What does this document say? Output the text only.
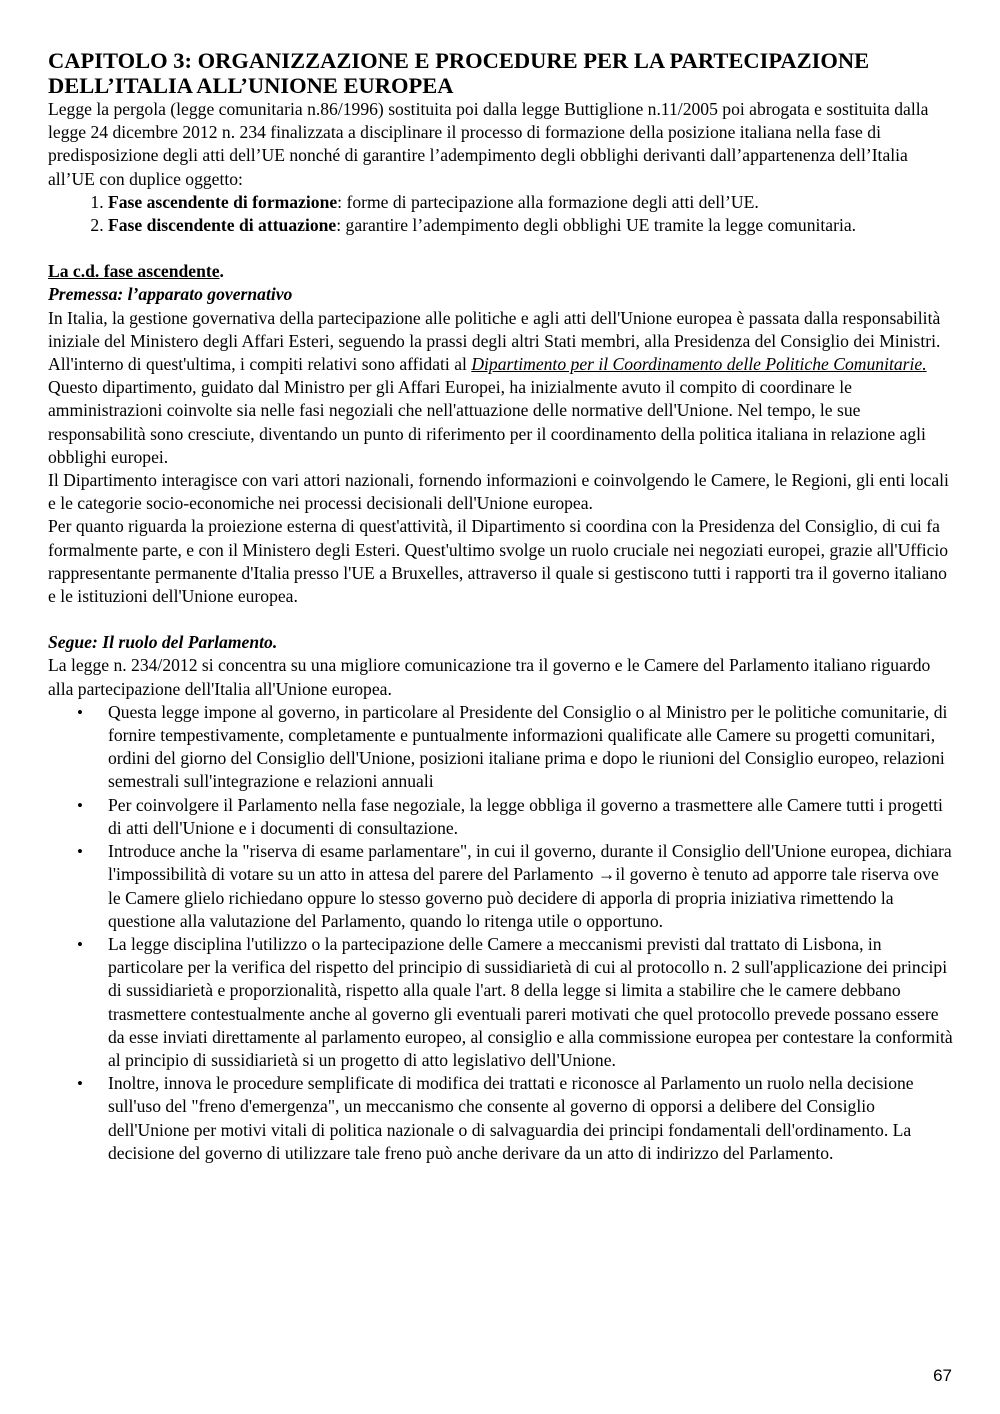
CAPITOLO 3: ORGANIZZAZIONE E PROCEDURE PER LA PARTECIPAZIONE
DELL’ITALIA ALL’UNIONE EUROPEA

Legge la pergola (legge comunitaria n.86/1996) sostituita poi dalla legge Buttiglione n.11/2005 poi abrogata e sostituita dalla legge 24 dicembre 2012 n. 234 finalizzata a disciplinare il processo di formazione della posizione italiana nella fase di predisposizione degli atti dell’UE nonché di garantire l’adempimento degli obblighi derivanti dall’appartenenza dell’Italia all’UE con duplice oggetto:

1. Fase ascendente di formazione: forme di partecipazione alla formazione degli atti dell’UE.
2. Fase discendente di attuazione: garantire l’adempimento degli obblighi UE tramite la legge comunitaria.

La c.d. fase ascendente.

Premessa: l’apparato governativo

In Italia, la gestione governativa della partecipazione alle politiche e agli atti dell'Unione europea è passata dalla responsabilità iniziale del Ministero degli Affari Esteri, seguendo la prassi degli altri Stati membri, alla Presidenza del Consiglio dei Ministri. All'interno di quest'ultima, i compiti relativi sono affidati al Dipartimento per il Coordinamento delle Politiche Comunitarie.

Questo dipartimento, guidato dal Ministro per gli Affari Europei, ha inizialmente avuto il compito di coordinare le amministrazioni coinvolte sia nelle fasi negoziali che nell'attuazione delle normative dell'Unione. Nel tempo, le sue responsabilità sono cresciute, diventando un punto di riferimento per il coordinamento della politica italiana in relazione agli obblighi europei.

Il Dipartimento interagisce con vari attori nazionali, fornendo informazioni e coinvolgendo le Camere, le Regioni, gli enti locali e le categorie socio-economiche nei processi decisionali dell'Unione europea.

Per quanto riguarda la proiezione esterna di quest'attività, il Dipartimento si coordina con la Presidenza del Consiglio, di cui fa formalmente parte, e con il Ministero degli Esteri. Quest'ultimo svolge un ruolo cruciale nei negoziati europei, grazie all'Ufficio rappresentante permanente d'Italia presso l'UE a Bruxelles, attraverso il quale si gestiscono tutti i rapporti tra il governo italiano e le istituzioni dell'Unione europea.

Segue: Il ruolo del Parlamento.

La legge n. 234/2012 si concentra su una migliore comunicazione tra il governo e le Camere del Parlamento italiano riguardo alla partecipazione dell'Italia all'Unione europea.

• Questa legge impone al governo, in particolare al Presidente del Consiglio o al Ministro per le politiche comunitarie, di fornire tempestivamente, completamente e puntualmente informazioni qualificate alle Camere su progetti comunitari, ordini del giorno del Consiglio dell'Unione, posizioni italiane prima e dopo le riunioni del Consiglio europeo, relazioni semestrali sull'integrazione e relazioni annuali
• Per coinvolgere il Parlamento nella fase negoziale, la legge obbliga il governo a trasmettere alle Camere tutti i progetti di atti dell'Unione e i documenti di consultazione.
• Introduce anche la "riserva di esame parlamentare", in cui il governo, durante il Consiglio dell'Unione europea, dichiara l'impossibilità di votare su un atto in attesa del parere del Parlamento →il governo è tenuto ad apporre tale riserva ove le Camere glielo richiedano oppure lo stesso governo può decidere di apporla di propria iniziativa rimettendo la questione alla valutazione del Parlamento, quando lo ritenga utile o opportuno.
• La legge disciplina l'utilizzo o la partecipazione delle Camere a meccanismi previsti dal trattato di Lisbona, in particolare per la verifica del rispetto del principio di sussidiarietà di cui al protocollo n. 2 sull'applicazione dei principi di sussidiarietà e proporzionalità, rispetto alla quale l'art. 8 della legge si limita a stabilire che le camere debbano trasmettere contestualmente anche al governo gli eventuali pareri motivati che quel protocollo prevede possano essere da esse inviati direttamente al parlamento europeo, al consiglio e alla commissione europea per contestare la conformità al principio di sussidiarietà si un progetto di atto legislativo dell'Unione.
• Inoltre, innova le procedure semplificate di modifica dei trattati e riconosce al Parlamento un ruolo nella decisione sull'uso del "freno d'emergenza", un meccanismo che consente al governo di opporsi a delibere del Consiglio dell'Unione per motivi vitali di politica nazionale o di salvaguardia dei principi fondamentali dell'ordinamento. La decisione del governo di utilizzare tale freno può anche derivare da un atto di indirizzo del Parlamento.
67
